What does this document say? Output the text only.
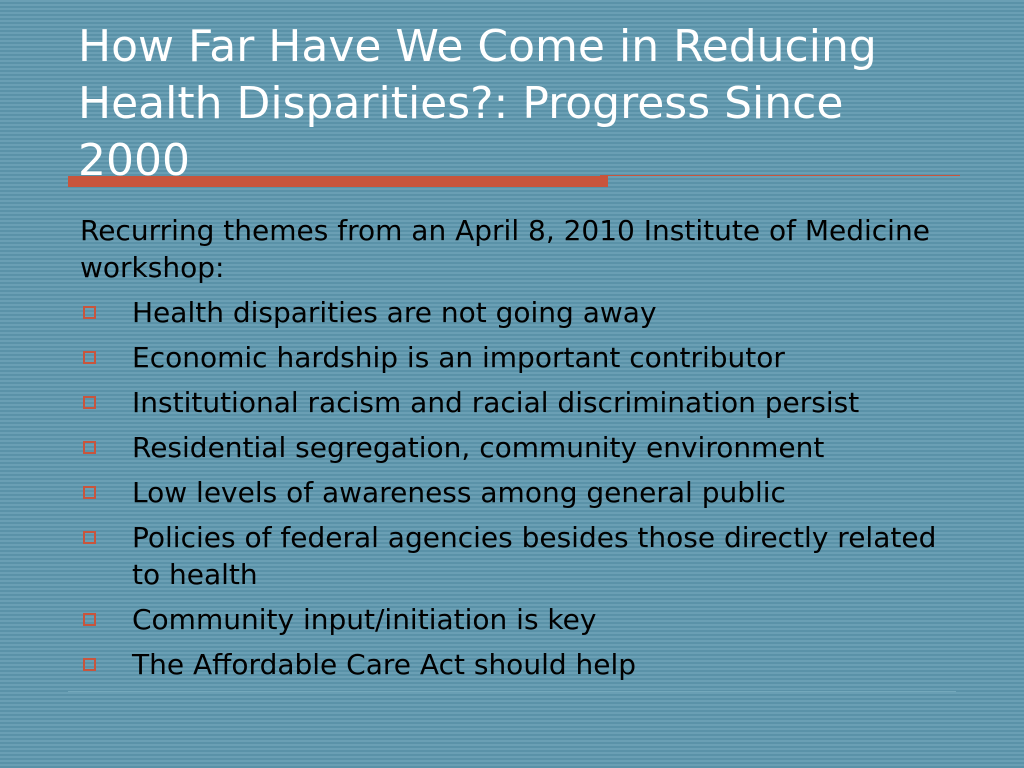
How Far Have We Come in Reducing Health Disparities?: Progress Since 2000

Recurring themes from an April 8, 2010 Institute of Medicine workshop:

Health disparities are not going away
Economic hardship is an important contributor
Institutional racism and racial discrimination persist
Residential segregation, community environment
Low levels of awareness among general public
Policies of federal agencies besides those directly related to health
Community input/initiation is key
The Affordable Care Act should help
